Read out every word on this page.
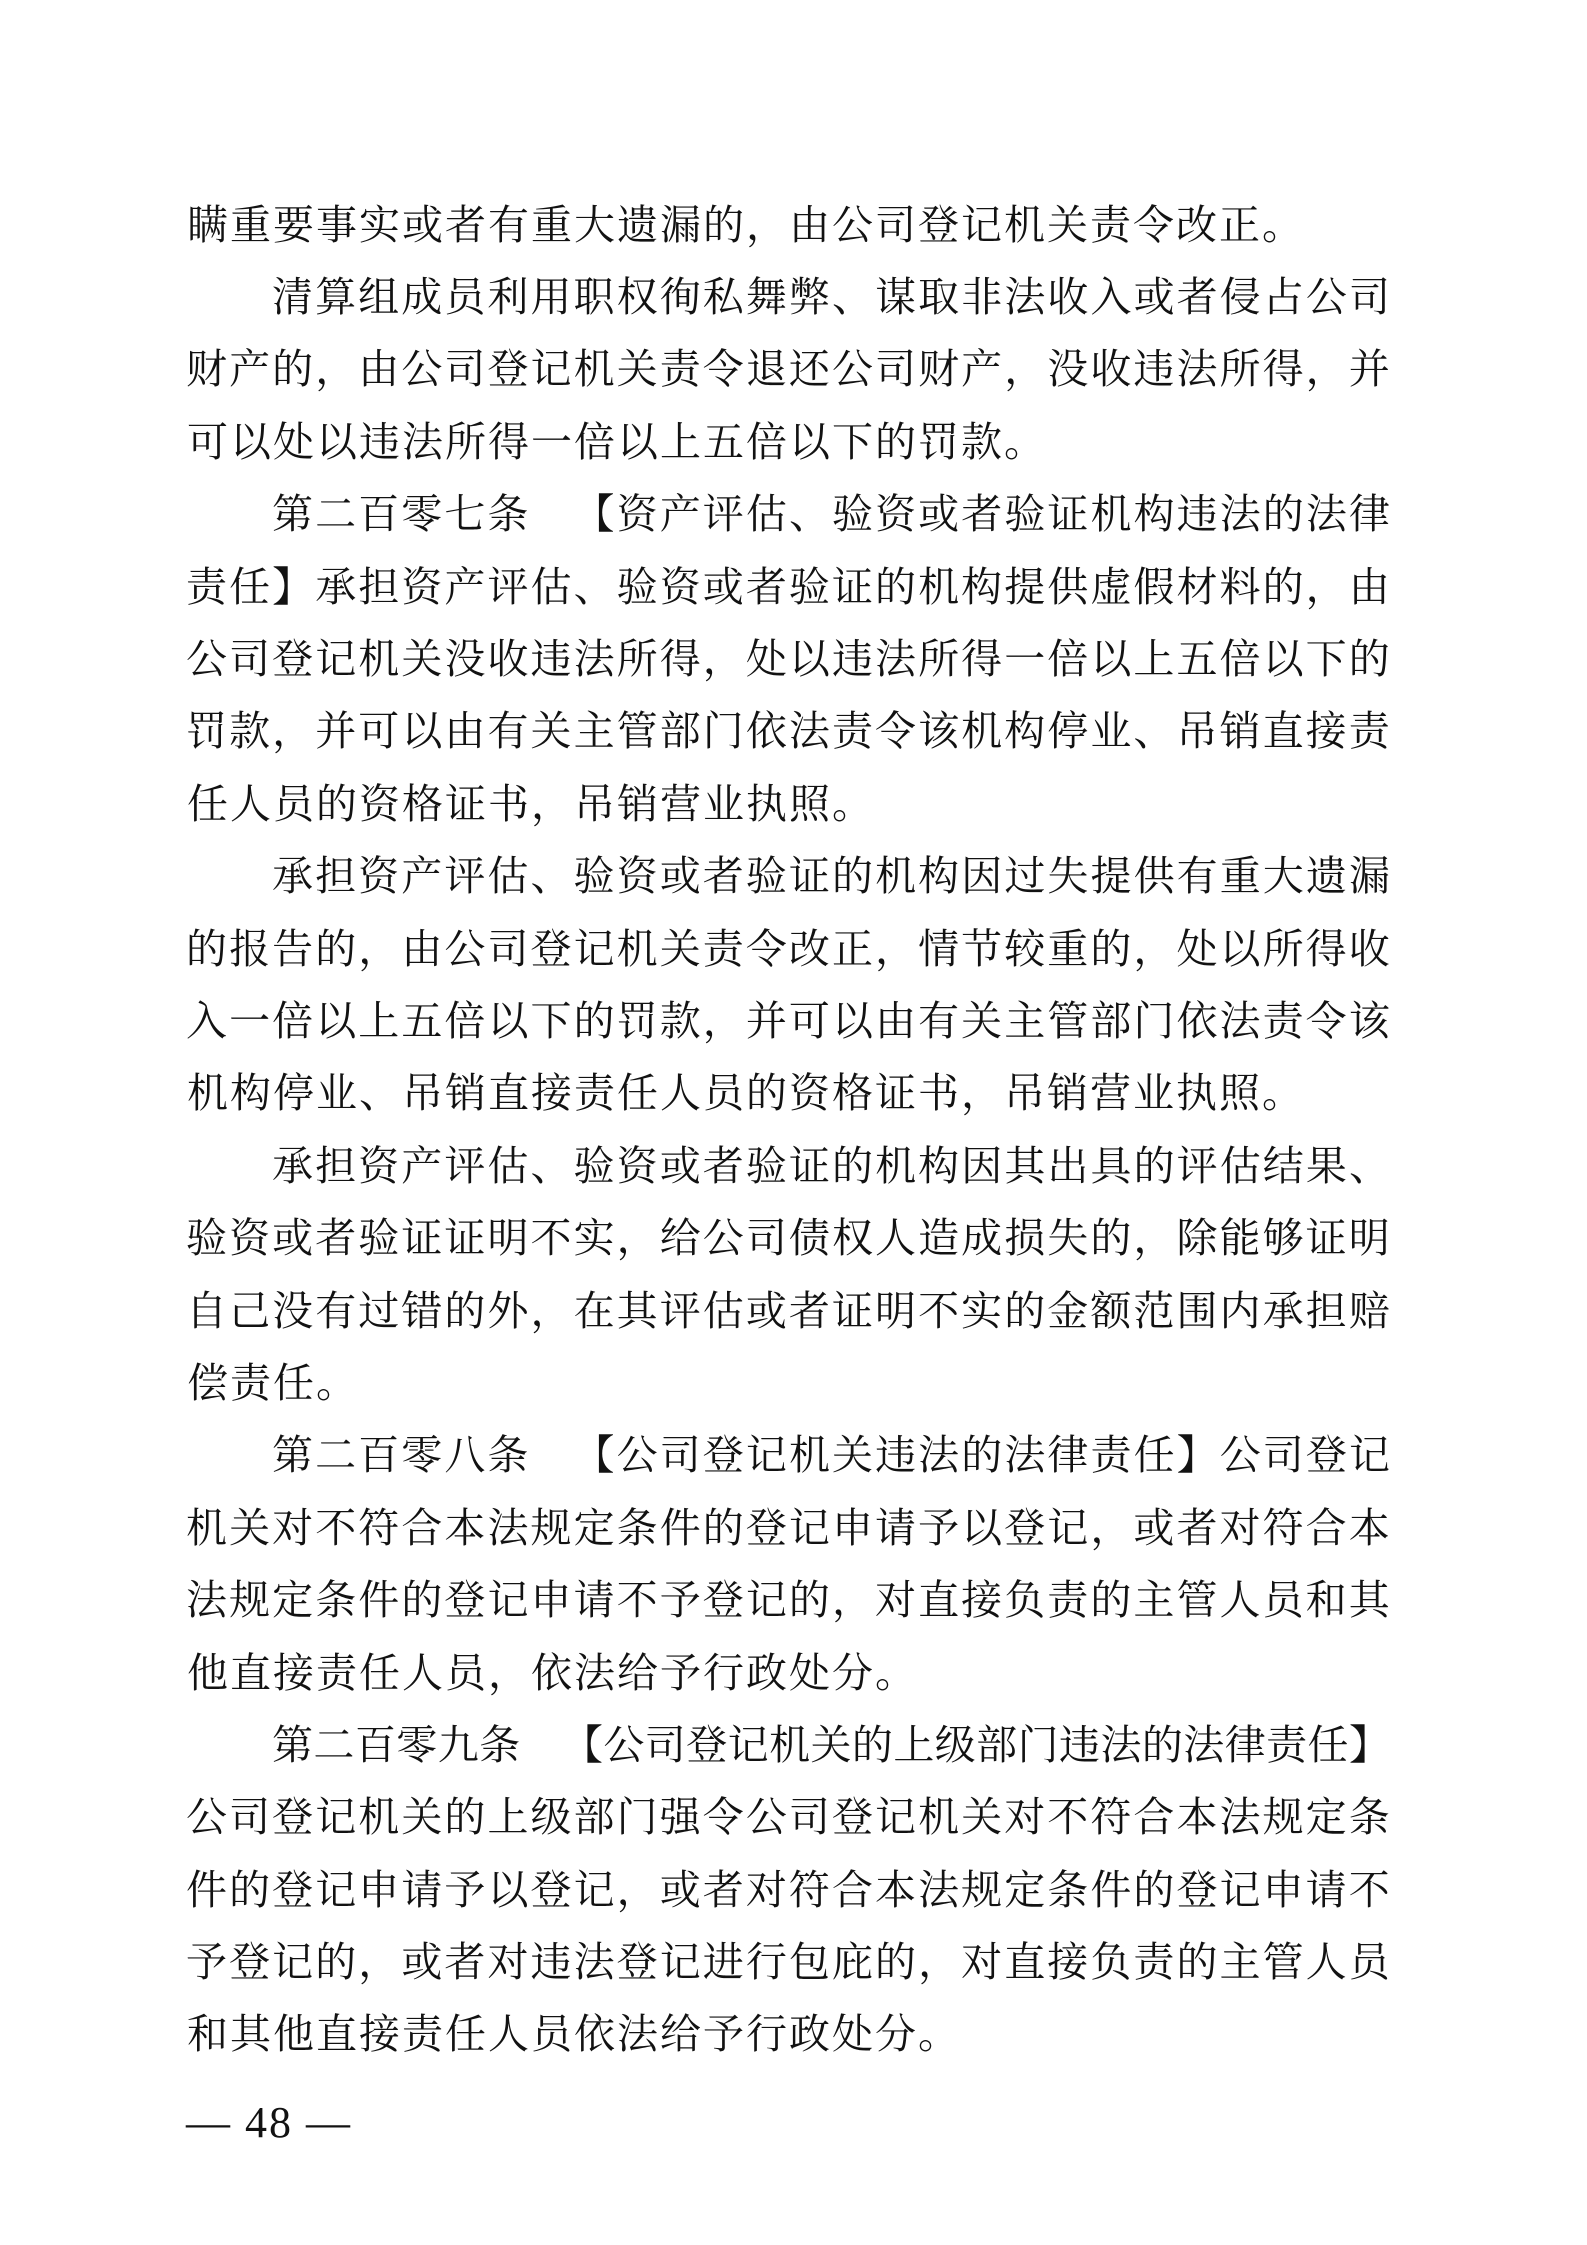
瞒 重 要 事 实 或 者 有 重 大 遗 漏 的 ， 由 公 司 登 记 机 关 责 令 改 正 。
清 算 组 成 员 利 用 职 权 徇 私 舞 弊 、 谋 取 非 法 收 入 或 者 侵 占 公 司
财 产 的 ， 由 公 司 登 记 机 关 责 令 退 还 公 司 财 产 ， 没 收 违 法 所 得 ， 并
可 以 处 以 违 法 所 得 一 倍 以 上 五 倍 以 下 的 罚 款 。
第 二 百 零 七 条
　 【 资 产 评 估 、 验 资 或 者 验 证 机 构 违 法 的 法 律
责 任 】 承 担 资 产 评 估 、 验 资 或 者 验 证 的 机 构 提 供 虚 假 材 料 的 ， 由
公 司 登 记 机 关 没 收 违 法 所 得 ， 处 以 违 法 所 得 一 倍 以 上 五 倍 以 下 的
罚 款 ， 并 可 以 由 有 关 主 管 部 门 依 法 责 令 该 机 构 停 业 、 吊 销 直 接 责
任 人 员 的 资 格 证 书 ， 吊 销 营 业 执 照 。
承 担 资 产 评 估 、 验 资 或 者 验 证 的 机 构 因 过 失 提 供 有 重 大 遗 漏
的 报 告 的 ， 由 公 司 登 记 机 关 责 令 改 正 ， 情 节 较 重 的 ， 处 以 所 得 收
入 一 倍 以 上 五 倍 以 下 的 罚 款 ， 并 可 以 由 有 关 主 管 部 门 依 法 责 令 该
机 构 停 业 、 吊 销 直 接 责 任 人 员 的 资 格 证 书 ， 吊 销 营 业 执 照 。
承 担 资 产 评 估 、 验 资 或 者 验 证 的 机 构 因 其 出 具 的 评 估 结 果 、
验 资 或 者 验 证 证 明 不 实 ， 给 公 司 债 权 人 造 成 损 失 的 ， 除 能 够 证 明
自 己 没 有 过 错 的 外 ， 在 其 评 估 或 者 证 明 不 实 的 金 额 范 围 内 承 担 赔
偿 责 任 。
第 二 百 零 八 条
　 【 公 司 登 记 机 关 违 法 的 法 律 责 任 】 公 司 登 记
机 关 对 不 符 合 本 法 规 定 条 件 的 登 记 申 请 予 以 登 记 ， 或 者 对 符 合 本
法 规 定 条 件 的 登 记 申 请 不 予 登 记 的 ， 对 直 接 负 责 的 主 管 人 员 和 其
他 直 接 责 任 人 员 ， 依 法 给 予 行 政 处 分 。
第 二 百 零 九 条
　 【 公 司 登 记 机 关 的 上 级 部 门 违 法 的 法 律 责 任 】
公 司 登 记 机 关 的 上 级 部 门 强 令 公 司 登 记 机 关 对 不 符 合 本 法 规 定 条
件 的 登 记 申 请 予 以 登 记 ， 或 者 对 符 合 本 法 规 定 条 件 的 登 记 申 请 不
予 登 记 的 ， 或 者 对 违 法 登 记 进 行 包 庇 的 ， 对 直 接 负 责 的 主 管 人 员
和 其 他 直 接 责 任 人 员 依 法 给 予 行 政 处 分 。
— 48 —
